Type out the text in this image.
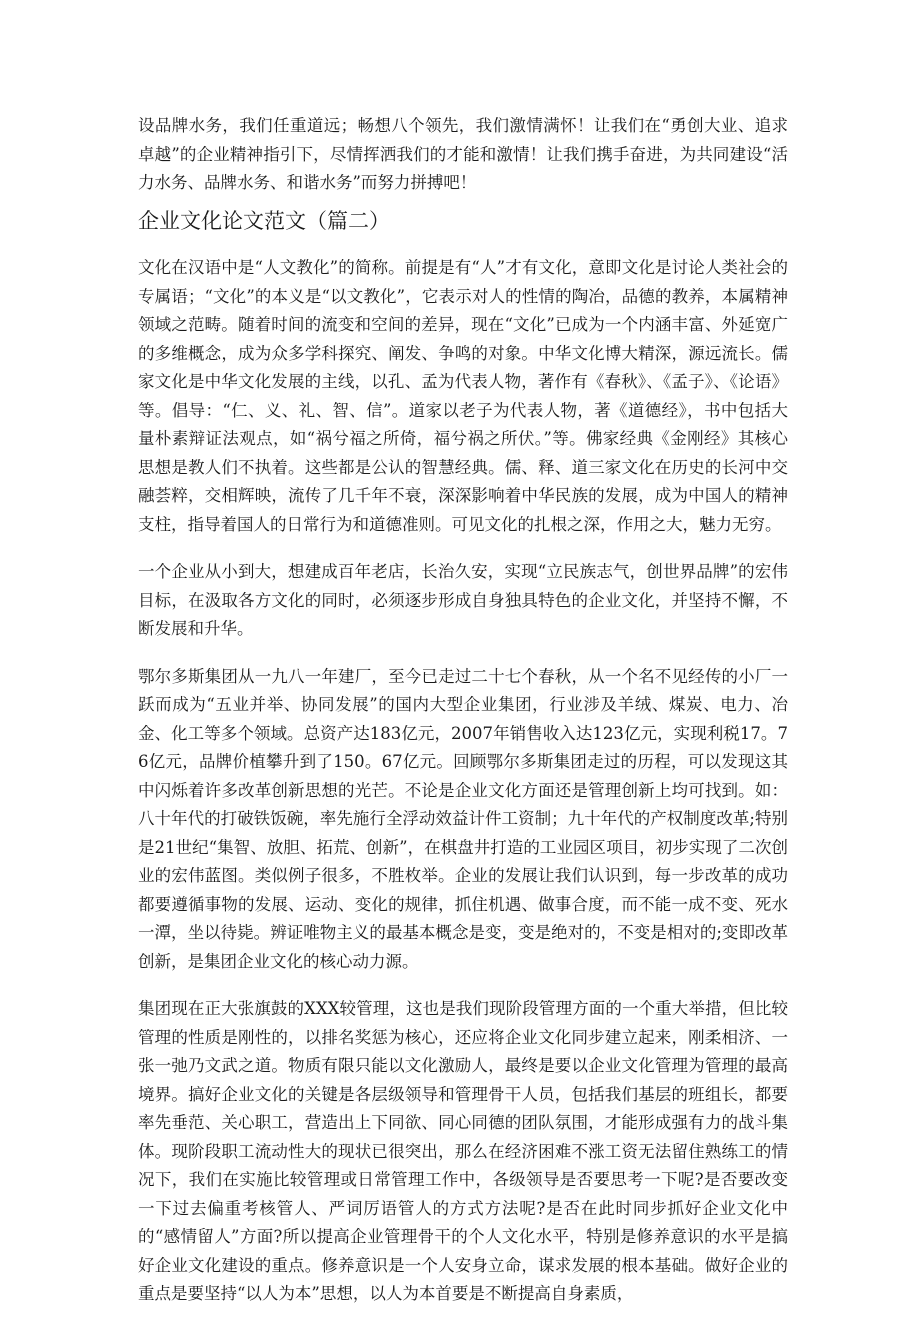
设品牌水务，我们任重道远；畅想八个领先，我们激情满怀！让我们在“勇创大业、追求卓越”的企业精神指引下，尽情挥洒我们的才能和激情！让我们携手奋进，为共同建设“活力水务、品牌水务、和谐水务”而努力拼搏吧！

企业文化论文范文（篇二）

文化在汉语中是“人文教化”的简称。前提是有“人”才有文化，意即文化是讨论人类社会的专属语；“文化”的本义是“以文教化”，它表示对人的性情的陶冶，品德的教养，本属精神领域之范畴。随着时间的流变和空间的差异，现在“文化”已成为一个内涵丰富、外延宽广的多维概念，成为众多学科探究、阐发、争鸣的对象。中华文化博大精深，源远流长。儒家文化是中华文化发展的主线，以孔、孟为代表人物，著作有《春秋》、《孟子》、《论语》等。倡导：“仁、义、礼、智、信”。道家以老子为代表人物，著《道德经》，书中包括大量朴素辩证法观点，如“祸兮福之所倚，福兮祸之所伏。”等。佛家经典《金刚经》其核心思想是教人们不执着。这些都是公认的智慧经典。儒、释、道三家文化在历史的长河中交融荟粹，交相辉映，流传了几千年不衰，深深影响着中华民族的发展，成为中国人的精神支柱，指导着国人的日常行为和道德准则。可见文化的扎根之深，作用之大，魅力无穷。

一个企业从小到大，想建成百年老店，长治久安，实现“立民族志气，创世界品牌”的宏伟目标，在汲取各方文化的同时，必须逐步形成自身独具特色的企业文化，并坚持不懈，不断发展和升华。

鄂尔多斯集团从一九八一年建厂，至今已走过二十七个春秋，从一个名不见经传的小厂一跃而成为“五业并举、协同发展”的国内大型企业集团，行业涉及羊绒、煤炭、电力、冶金、化工等多个领域。总资产达183亿元，2007年销售收入达123亿元，实现利税17。76亿元，品牌价植攀升到了150。67亿元。回顾鄂尔多斯集团走过的历程，可以发现这其中闪烁着许多改革创新思想的光芒。不论是企业文化方面还是管理创新上均可找到。如：八十年代的打破铁饭碗，率先施行全浮动效益计件工资制；九十年代的产权制度改革;特别是21世纪“集智、放胆、拓荒、创新”，在棋盘井打造的工业园区项目，初步实现了二次创业的宏伟蓝图。类似例子很多，不胜枚举。企业的发展让我们认识到，每一步改革的成功都要遵循事物的发展、运动、变化的规律，抓住机遇、做事合度，而不能一成不变、死水一潭，坐以待毙。辨证唯物主义的最基本概念是变，变是绝对的，不变是相对的;变即改革创新，是集团企业文化的核心动力源。

集团现在正大张旗鼓的XXX较管理，这也是我们现阶段管理方面的一个重大举措，但比较管理的性质是刚性的，以排名奖惩为核心，还应将企业文化同步建立起来，刚柔相济、一张一弛乃文武之道。物质有限只能以文化激励人，最终是要以企业文化管理为管理的最高境界。搞好企业文化的关键是各层级领导和管理骨干人员，包括我们基层的班组长，都要率先垂范、关心职工，营造出上下同欲、同心同德的团队氛围，才能形成强有力的战斗集体。现阶段职工流动性大的现状已很突出，那么在经济困难不涨工资无法留住熟练工的情况下，我们在实施比较管理或日常管理工作中，各级领导是否要思考一下呢?是否要改变一下过去偏重考核管人、严词厉语管人的方式方法呢?是否在此时同步抓好企业文化中的“感情留人”方面?所以提高企业管理骨干的个人文化水平，特别是修养意识的水平是搞好企业文化建设的重点。修养意识是一个人安身立命，谋求发展的根本基础。做好企业的重点是要坚持“以人为本”思想，以人为本首要是不断提高自身素质，
